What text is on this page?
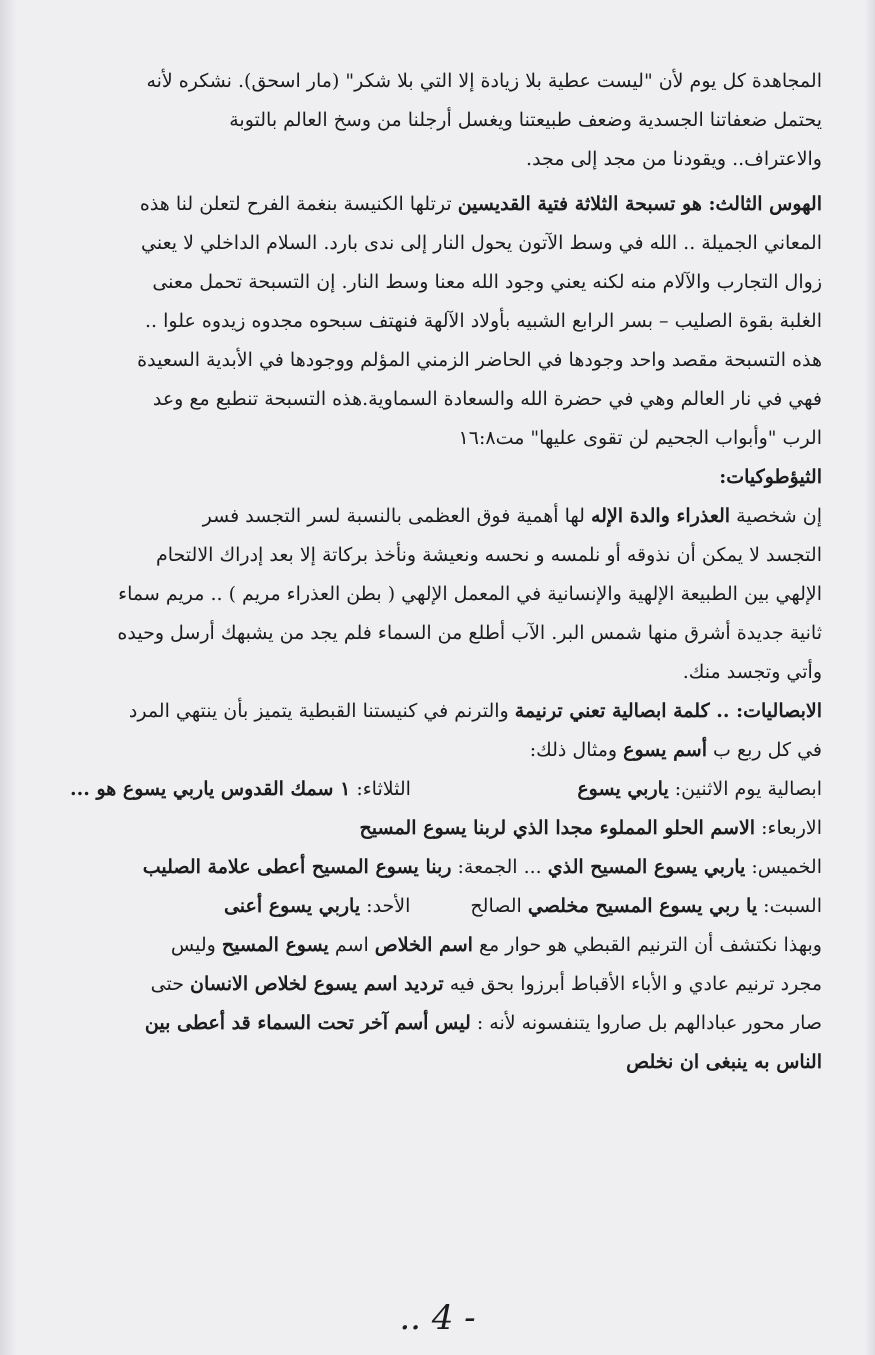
المجاهدة كل يوم لأن "ليست عطية بلا زيادة إلا التي بلا شكر" (مار اسحق). نشكره لأنه

يحتمل ضعفاتنا الجسدية وضعف طبيعتنا ويغسل أرجلنا من وسخ العالم بالتوبة

والاعتراف.. ويقودنا من مجد إلى مجد.

الهوس الثالث: هو تسبحة الثلاثة فتية القديسين ترتلها الكنيسة بنغمة الفرح لتعلن لنا هذه

المعاني الجميلة .. الله في وسط الآتون يحول النار إلى ندى بارد. السلام الداخلي لا يعني

زوال التجارب والآلام منه لكنه يعني وجود الله معنا وسط النار. إن التسبحة تحمل معنى

الغلبة بقوة الصليب – بسر الرابع الشبيه بأولاد الآلهة فنهتف سبحوه مجدوه زيدوه علوا ..

هذه التسبحة مقصد واحد وجودها في الحاضر الزمني المؤلم ووجودها في الأبدية السعيدة

فهي في نار العالم وهي في حضرة الله والسعادة السماوية.هذه التسبحة تنطبع مع وعد

الرب "وأبواب الجحيم لن تقوى عليها" مت١٦:٨

الثيؤطوكيات:

إن شخصية العذراء والدة الإله لها أهمية فوق العظمى بالنسبة لسر التجسد فسر

التجسد لا يمكن أن نذوقه أو نلمسه و نحسه ونعيشة ونأخذ بركاتة إلا بعد إدراك الالتحام

الإلهي بين الطبيعة الإلهية والإنسانية في المعمل الإلهي ( بطن العذراء مريم ) .. مريم سماء

ثانية جديدة أشرق منها شمس البر. الآب أطلع من السماء فلم يجد من يشبهك أرسل وحيده

وأتي وتجسد منك.

الابصاليات: .. كلمة ابصالية تعني ترنيمة والترنم في كنيستنا القبطية يتميز بأن ينتهي المرد

في كل ربع ب أسم يسوع ومثال ذلك:

ابصالية يوم الاثنين: ياربي يسوع
الثلاثاء: ١ سمك القدوس ياربي يسوع هو ...
الاربعاء:

الاسم الحلو المملوء مجدا الذي لربنا يسوع المسيح

الخميس: ياربي يسوع المسيح الذي ... الجمعة: ربنا يسوع المسيح أعطى علامة الصليب

السبت: يا ربي يسوع المسيح مخلصي الصالح
الأحد: ياربي يسوع أعنى

وبهذا نكتشف أن الترنيم القبطي هو حوار مع اسم الخلاص اسم يسوع المسيح وليس

مجرد ترنيم عادي و الأباء الأقباط أبرزوا بحق فيه ترديد اسم يسوع لخلاص الانسان حتى

صار محور عبادالهم بل صاروا يتنفسونه لأنه : ليس أسم آخر تحت السماء قد أعطى بين

الناس به ينبغى ان نخلص

.. 4 -
